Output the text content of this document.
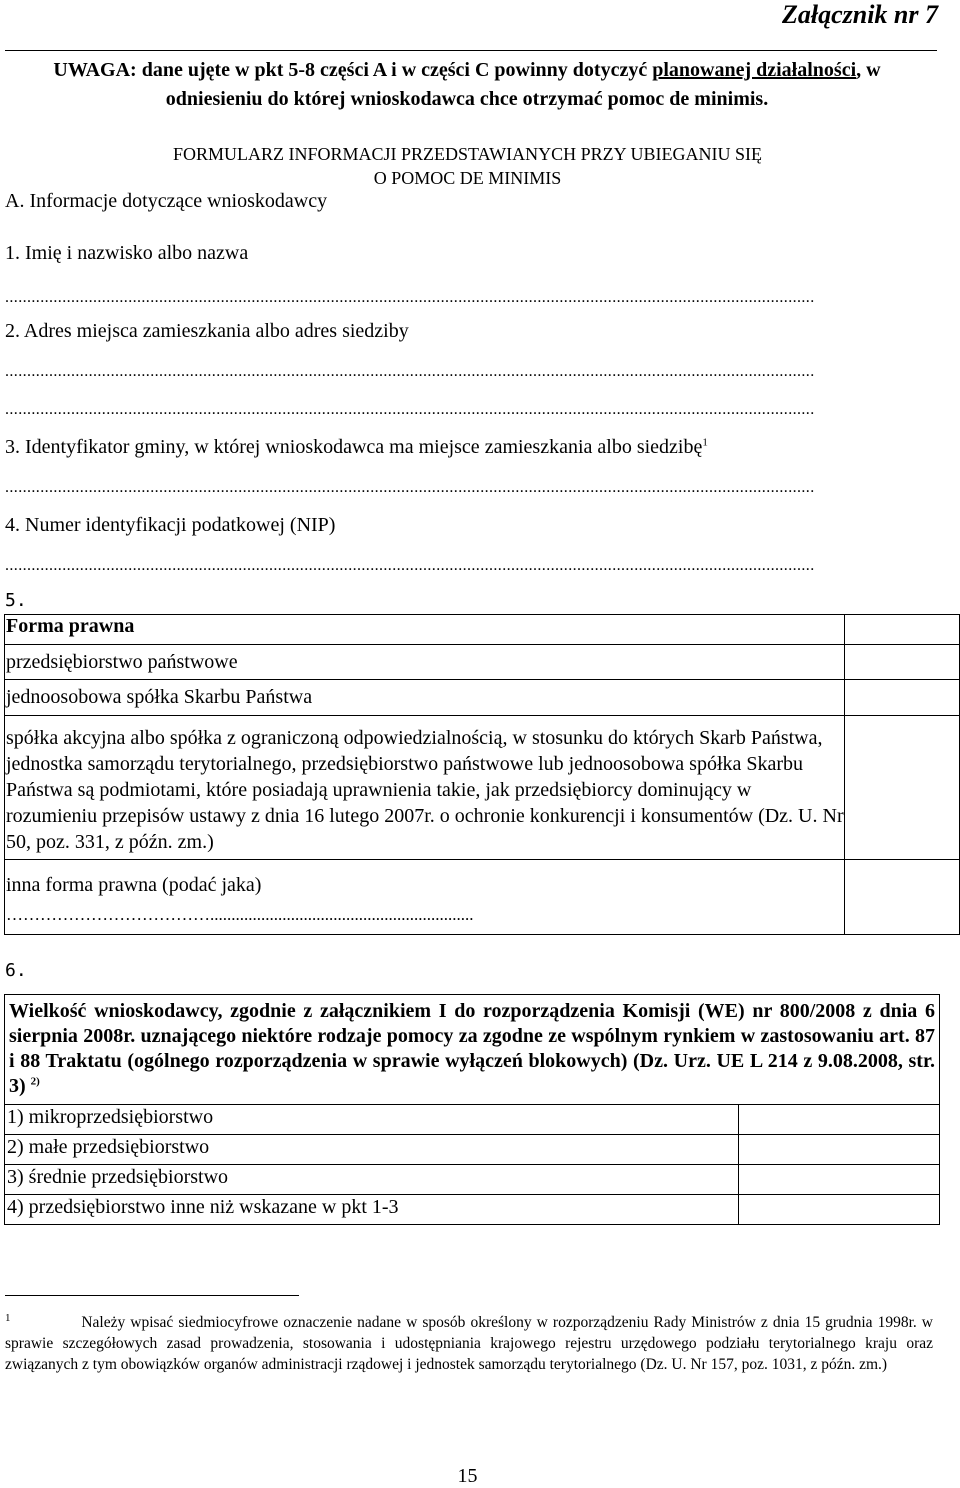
Załącznik nr 7
UWAGA: dane ujęte w pkt 5-8 części A i w części C powinny dotyczyć planowanej działalności, w odniesieniu do której wnioskodawca chce otrzymać pomoc de minimis.
FORMULARZ INFORMACJI PRZEDSTAWIANYCH PRZY UBIEGANIU SIĘ
O POMOC DE MINIMIS
A. Informacje dotyczące wnioskodawcy
1. Imię i nazwisko albo nazwa
........................................................................................................................................................................................
2. Adres miejsca zamieszkania albo adres siedziby
........................................................................................................................................................................................
........................................................................................................................................................................................
3. Identyfikator gminy, w której wnioskodawca ma miejsce zamieszkania albo siedzibę$^1$
........................................................................................................................................................................................
4. Numer identyfikacji podatkowej (NIP)
........................................................................................................................................................................................
5.
Forma prawna	
przedsiębiorstwo państwowe	
jednoosobowa spółka Skarbu Państwa	
spółka akcyjna albo spółka z ograniczoną odpowiedzialnością, w stosunku do których Skarb Państwa, jednostka samorządu terytorialnego, przedsiębiorstwo państwowe lub jednoosobowa spółka Skarbu Państwa są podmiotami, które posiadają uprawnienia takie, jak przedsiębiorcy dominujący w rozumieniu przepisów ustawy z dnia 16 lutego 2007r. o ochronie konkurencji i konsumentów (Dz. U. Nr 50, poz. 331, z późn. zm.)	

inna forma prawna (podać jaka)
………………………………..............................................................	

6.
Wielkość wnioskodawcy, zgodnie z załącznikiem I do rozporządzenia Komisji (WE) nr 800/2008 z dnia 6 sierpnia 2008r. uznającego niektóre rodzaje pomocy za zgodne ze wspólnym rynkiem w zastosowaniu art. 87 i 88 Traktatu (ogólnego rozporządzenia w sprawie wyłączeń blokowych) (Dz. Urz. UE L 214 z 9.08.2008, str. 3) $^{2)}$
1) mikroprzedsiębiorstwo	
2) małe przedsiębiorstwo	
3) średnie przedsiębiorstwo	
4) przedsiębiorstwo inne niż wskazane w pkt 1-3	
$^1$	Należy wpisać siedmiocyfrowe oznaczenie nadane w sposób określony w rozporządzeniu Rady Ministrów z dnia 15 grudnia 1998r. w sprawie szczegółowych zasad prowadzenia, stosowania i udostępniania krajowego rejestru urzędowego podziału terytorialnego kraju oraz związanych z tym obowiązków organów administracji rządowej i jednostek samorządu terytorialnego (Dz. U. Nr 157, poz. 1031, z późn. zm.)
15
